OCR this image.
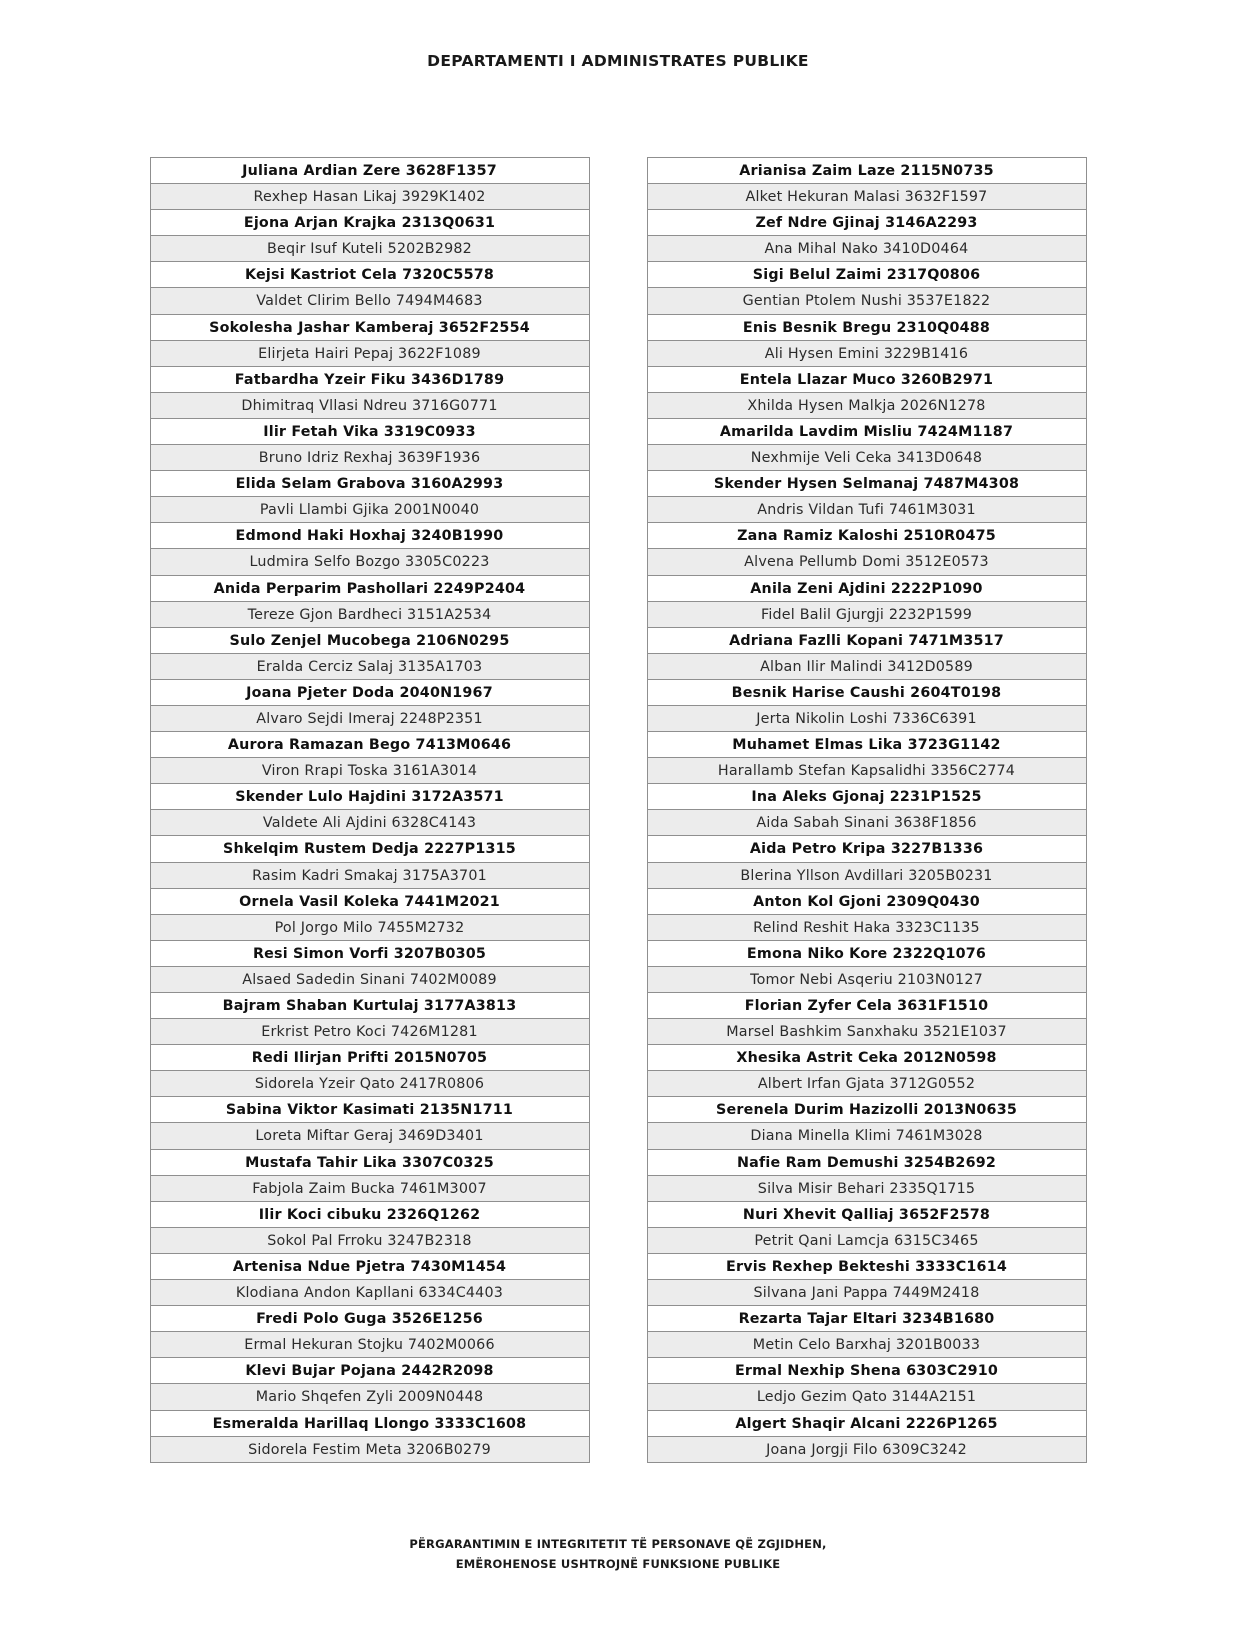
DEPARTAMENTI I ADMINISTRATES PUBLIKE
Juliana Ardian Zere 3628F1357
Rexhep Hasan Likaj 3929K1402
Ejona Arjan Krajka 2313Q0631
Beqir Isuf Kuteli 5202B2982
Kejsi Kastriot Cela 7320C5578
Valdet Clirim Bello 7494M4683
Sokolesha Jashar Kamberaj 3652F2554
Elirjeta Hairi Pepaj 3622F1089
Fatbardha Yzeir Fiku 3436D1789
Dhimitraq Vllasi Ndreu 3716G0771
Ilir Fetah Vika 3319C0933
Bruno Idriz Rexhaj 3639F1936
Elida Selam Grabova 3160A2993
Pavli Llambi Gjika 2001N0040
Edmond Haki Hoxhaj 3240B1990
Ludmira Selfo Bozgo 3305C0223
Anida Perparim Pashollari 2249P2404
Tereze Gjon Bardheci 3151A2534
Sulo Zenjel Mucobega 2106N0295
Eralda Cerciz Salaj 3135A1703
Joana Pjeter Doda 2040N1967
Alvaro Sejdi Imeraj 2248P2351
Aurora Ramazan Bego 7413M0646
Viron Rrapi Toska 3161A3014
Skender Lulo Hajdini 3172A3571
Valdete Ali Ajdini 6328C4143
Shkelqim Rustem Dedja 2227P1315
Rasim Kadri Smakaj 3175A3701
Ornela Vasil Koleka 7441M2021
Pol Jorgo Milo 7455M2732
Resi Simon Vorfi 3207B0305
Alsaed Sadedin Sinani 7402M0089
Bajram Shaban Kurtulaj 3177A3813
Erkrist Petro Koci 7426M1281
Redi Ilirjan Prifti 2015N0705
Sidorela Yzeir Qato 2417R0806
Sabina Viktor Kasimati 2135N1711
Loreta Miftar Geraj 3469D3401
Mustafa Tahir Lika 3307C0325
Fabjola Zaim Bucka 7461M3007
Ilir Koci cibuku 2326Q1262
Sokol Pal Frroku 3247B2318
Artenisa Ndue Pjetra 7430M1454
Klodiana Andon Kapllani 6334C4403
Fredi Polo Guga 3526E1256
Ermal Hekuran Stojku 7402M0066
Klevi Bujar Pojana 2442R2098
Mario Shqefen Zyli 2009N0448
Esmeralda Harillaq Llongo 3333C1608
Sidorela Festim Meta 3206B0279
Arianisa Zaim Laze 2115N0735
Alket Hekuran Malasi 3632F1597
Zef Ndre Gjinaj 3146A2293
Ana Mihal Nako 3410D0464
Sigi Belul Zaimi 2317Q0806
Gentian Ptolem Nushi 3537E1822
Enis Besnik Bregu 2310Q0488
Ali Hysen Emini 3229B1416
Entela Llazar Muco 3260B2971
Xhilda Hysen Malkja 2026N1278
Amarilda Lavdim Misliu 7424M1187
Nexhmije Veli Ceka 3413D0648
Skender Hysen Selmanaj 7487M4308
Andris Vildan Tufi 7461M3031
Zana Ramiz Kaloshi 2510R0475
Alvena Pellumb Domi 3512E0573
Anila Zeni Ajdini 2222P1090
Fidel Balil Gjurgji 2232P1599
Adriana Fazlli Kopani 7471M3517
Alban Ilir Malindi 3412D0589
Besnik Harise Caushi 2604T0198
Jerta Nikolin Loshi 7336C6391
Muhamet Elmas Lika 3723G1142
Harallamb Stefan Kapsalidhi 3356C2774
Ina Aleks Gjonaj 2231P1525
Aida Sabah Sinani 3638F1856
Aida Petro Kripa 3227B1336
Blerina Yllson Avdillari 3205B0231
Anton Kol Gjoni 2309Q0430
Relind Reshit Haka 3323C1135
Emona Niko Kore 2322Q1076
Tomor Nebi Asqeriu 2103N0127
Florian Zyfer Cela 3631F1510
Marsel Bashkim Sanxhaku 3521E1037
Xhesika Astrit Ceka 2012N0598
Albert Irfan Gjata 3712G0552
Serenela Durim Hazizolli 2013N0635
Diana Minella Klimi 7461M3028
Nafie Ram Demushi 3254B2692
Silva Misir Behari 2335Q1715
Nuri Xhevit Qalliaj 3652F2578
Petrit Qani Lamcja 6315C3465
Ervis Rexhep Bekteshi 3333C1614
Silvana Jani Pappa 7449M2418
Rezarta Tajar Eltari 3234B1680
Metin Celo Barxhaj 3201B0033
Ermal Nexhip Shena 6303C2910
Ledjo Gezim Qato 3144A2151
Algert Shaqir Alcani 2226P1265
Joana Jorgji Filo 6309C3242
PËRGARANTIMIN E INTEGRITETIT TË PERSONAVE QË ZGJIDHEN,
EMËROHENOSE USHTROJNË FUNKSIONE PUBLIKE
